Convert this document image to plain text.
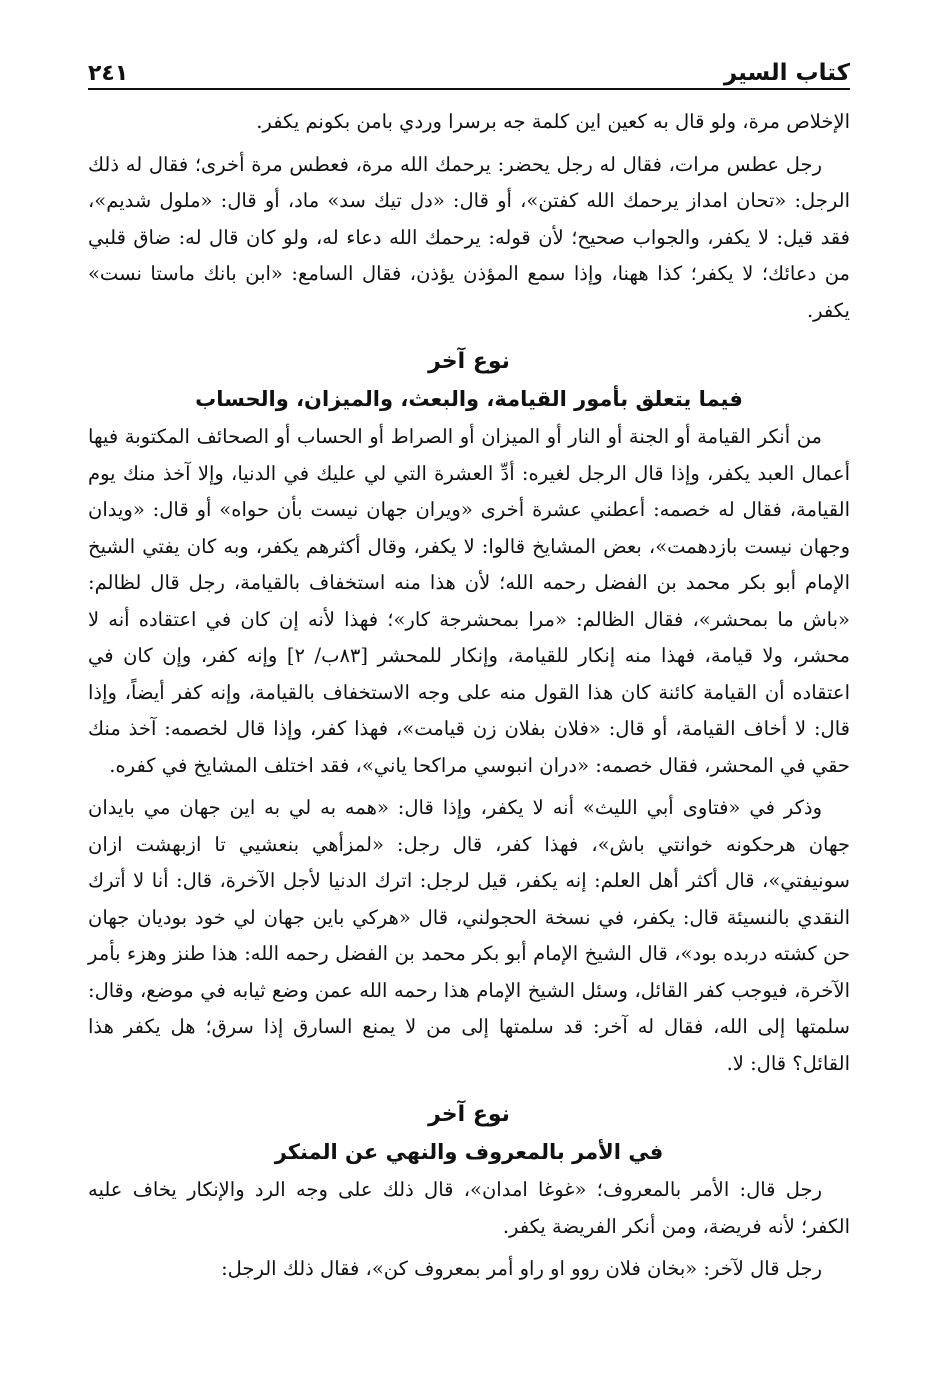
كتاب السير
٢٤١

الإخلاص مرة، ولو قال به كعين اين كلمة جه برسرا وردي بامن بكونم يكفر.

رجل عطس مرات، فقال له رجل يحضر: يرحمك الله مرة، فعطس مرة أخرى؛ فقال له ذلك الرجل: «تحان امداز يرحمك الله كفتن»، أو قال: «دل تيك سد» ماد، أو قال: «ملول شديم»، فقد قيل: لا يكفر، والجواب صحيح؛ لأن قوله: يرحمك الله دعاء له، ولو كان قال له: ضاق قلبي من دعائك؛ لا يكفر؛ كذا ههنا، وإذا سمع المؤذن يؤذن، فقال السامع: «ابن بانك ماستا نست» يكفر.

نوع آخر
فيما يتعلق بأمور القيامة، والبعث، والميزان، والحساب

من أنكر القيامة أو الجنة أو النار أو الميزان أو الصراط أو الحساب أو الصحائف المكتوبة فيها أعمال العبد يكفر، وإذا قال الرجل لغيره: أدِّ العشرة التي لي عليك في الدنيا، وإلا آخذ منك يوم القيامة، فقال له خصمه: أعطني عشرة أخرى «ويران جهان نيست بأن حواه» أو قال: «ويدان وجهان نيست بازدهمت»، بعض المشايخ قالوا: لا يكفر، وقال أكثرهم يكفر، وبه كان يفتي الشيخ الإمام أبو بكر محمد بن الفضل رحمه الله؛ لأن هذا منه استخفاف بالقيامة، رجل قال لظالم: «باش ما بمحشر»، فقال الظالم: «مرا بمحشرجة كار»؛ فهذا لأنه إن كان في اعتقاده أنه لا محشر، ولا قيامة، فهذا منه إنكار للقيامة، وإنكار للمحشر [٨٣ب/ ٢] وإنه كفر، وإن كان في اعتقاده أن القيامة كائنة كان هذا القول منه على وجه الاستخفاف بالقيامة، وإنه كفر أيضاً، وإذا قال: لا أخاف القيامة، أو قال: «فلان بفلان زن قيامت»، فهذا كفر، وإذا قال لخصمه: آخذ منك حقي في المحشر، فقال خصمه: «دران انبوسي مراكحا ياني»، فقد اختلف المشايخ في كفره.

وذكر في «فتاوى أبي الليث» أنه لا يكفر، وإذا قال: «همه به لي به اين جهان مي بايدان جهان هرحكونه خوانتي باش»، فهذا كفر، قال رجل: «لمزأهي بنعشيي تا ازبهشت ازان سونيفتي»، قال أكثر أهل العلم: إنه يكفر، قيل لرجل: اترك الدنيا لأجل الآخرة، قال: أنا لا أترك النقدي بالنسيئة قال: يكفر، في نسخة الحجولني، قال «هركي باين جهان لي خود بوديان جهان حن كشته دربده بود»، قال الشيخ الإمام أبو بكر محمد بن الفضل رحمه الله: هذا طنز وهزء بأمر الآخرة، فيوجب كفر القائل، وسئل الشيخ الإمام هذا رحمه الله عمن وضع ثيابه في موضع، وقال: سلمتها إلى الله، فقال له آخر: قد سلمتها إلى من لا يمنع السارق إذا سرق؛ هل يكفر هذا القائل؟ قال: لا.

نوع آخر
في الأمر بالمعروف والنهي عن المنكر

رجل قال: الأمر بالمعروف؛ «غوغا امدان»، قال ذلك على وجه الرد والإنكار يخاف عليه الكفر؛ لأنه فريضة، ومن أنكر الفريضة يكفر.

رجل قال لآخر: «بخان فلان روو او راو أمر بمعروف كن»، فقال ذلك الرجل:
